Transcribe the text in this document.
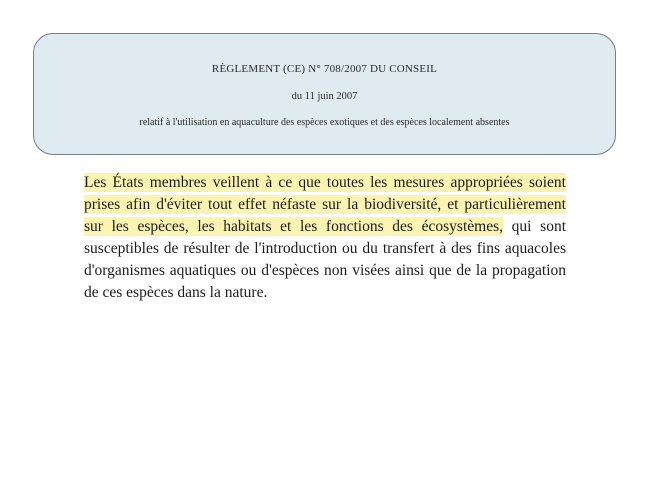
RÈGLEMENT (CE) N° 708/2007 DU CONSEIL
du 11 juin 2007
relatif à l'utilisation en aquaculture des espèces exotiques et des espèces localement absentes
Les États membres veillent à ce que toutes les mesures appropriées soient prises afin d'éviter tout effet néfaste sur la biodiversité, et particulièrement sur les espèces, les habitats et les fonctions des écosystèmes, qui sont susceptibles de résulter de l'introduction ou du transfert à des fins aquacoles d'organismes aquatiques ou d'espèces non visées ainsi que de la propagation de ces espèces dans la nature.
